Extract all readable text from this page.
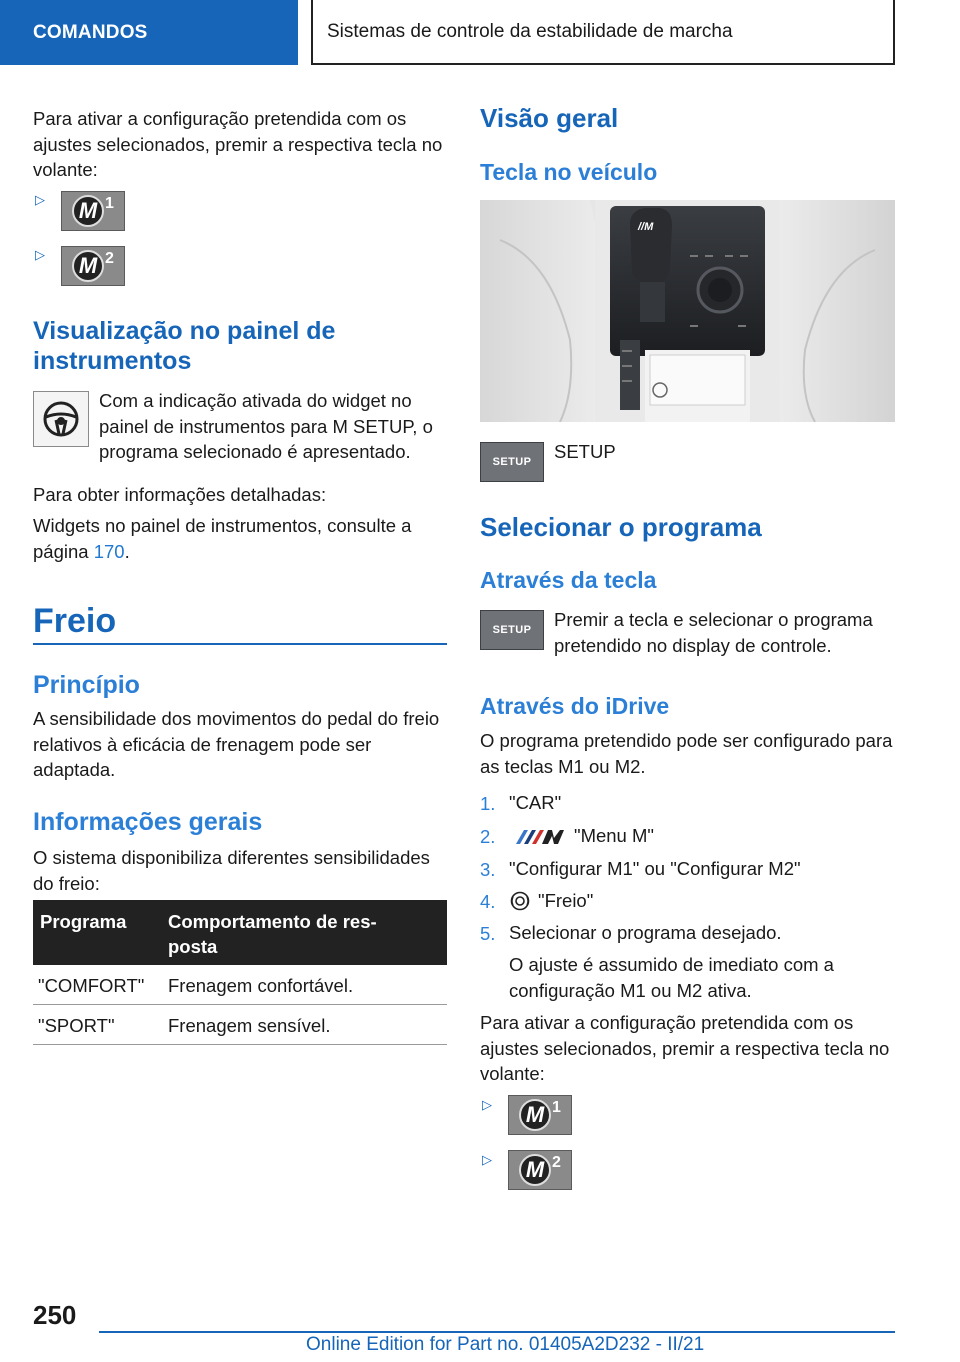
COMANDOS	Sistemas de controle da estabilidade de marcha
Para ativar a configuração pretendida com os ajustes selecionados, premir a respectiva tecla no volante:
▷	M 1
▷	M 2
Visualização no painel de instrumentos
Com a indicação ativada do widget no painel de instrumentos para M SETUP, o programa selecionado é apresentado.
Para obter informações detalhadas:
Widgets no painel de instrumentos, consulte a página 170.
Freio
Princípio
A sensibilidade dos movimentos do pedal do freio relativos à eficácia de frenagem pode ser adaptada.
Informações gerais
O sistema disponibiliza diferentes sensibilidades do freio:
Programa Comportamento de res-
posta
"COMFORT" Frenagem confortável.
"SPORT"	Frenagem sensível.
Visão geral
Tecla no veículo
//M
SETUP	SETUP
Selecionar o programa
Através da tecla
SETUP	Premir a tecla e selecionar o programa pretendido no display de controle.
Através do iDrive
O programa pretendido pode ser configurado para as teclas M1 ou M2.
1. "CAR"
2.	"Menu M"
3. "Configurar M1" ou "Configurar M2"
4. "Freio"
5. Selecionar o programa desejado.
O ajuste é assumido de imediato com a configuração M1 ou M2 ativa.
Para ativar a configuração pretendida com os ajustes selecionados, premir a respectiva tecla no volante:
▷	M 1
▷	M 2
250
Online Edition for Part no. 01405A2D232 - II/21
